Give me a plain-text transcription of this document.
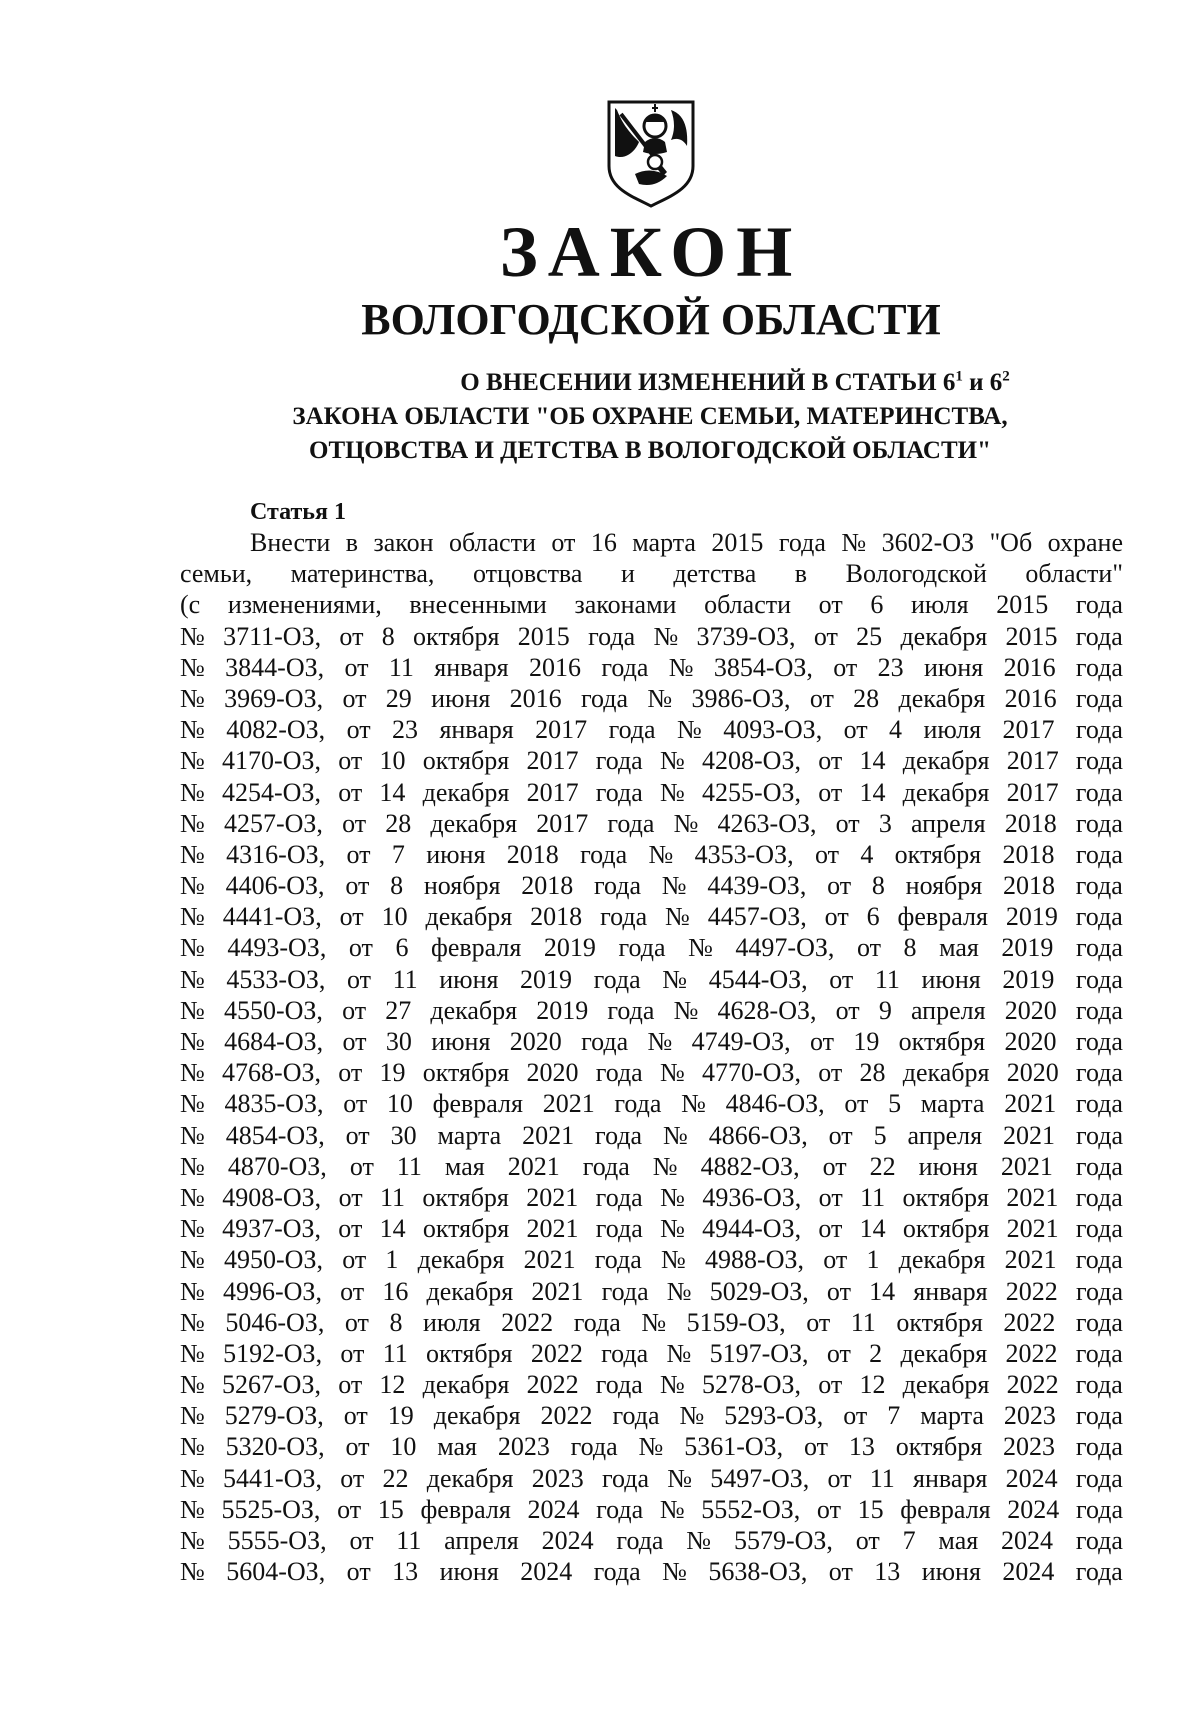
ЗАКОН
ВОЛОГОДСКОЙ ОБЛАСТИ
О ВНЕСЕНИИ ИЗМЕНЕНИЙ В СТАТЬИ $6^1$ и $6^2$
ЗАКОНА ОБЛАСТИ "ОБ ОХРАНЕ СЕМЬИ, МАТЕРИНСТВА,
ОТЦОВСТВА И ДЕТСТВА В ВОЛОГОДСКОЙ ОБЛАСТИ"
Статья 1
Внести в закон области от 16 марта 2015 года № 3602-ОЗ "Об охране
семьи, материнства, отцовства и детства в Вологодской области"
(с изменениями, внесенными законами области от 6 июля 2015 года
№ 3711-ОЗ, от 8 октября 2015 года № 3739-ОЗ, от 25 декабря 2015 года
№ 3844-ОЗ, от 11 января 2016 года № 3854-ОЗ, от 23 июня 2016 года
№ 3969-ОЗ, от 29 июня 2016 года № 3986-ОЗ, от 28 декабря 2016 года
№ 4082-ОЗ, от 23 января 2017 года № 4093-ОЗ, от 4 июля 2017 года
№ 4170-ОЗ, от 10 октября 2017 года № 4208-ОЗ, от 14 декабря 2017 года
№ 4254-ОЗ, от 14 декабря 2017 года № 4255-ОЗ, от 14 декабря 2017 года
№ 4257-ОЗ, от 28 декабря 2017 года № 4263-ОЗ, от 3 апреля 2018 года
№ 4316-ОЗ, от 7 июня 2018 года № 4353-ОЗ, от 4 октября 2018 года
№ 4406-ОЗ, от 8 ноября 2018 года № 4439-ОЗ, от 8 ноября 2018 года
№ 4441-ОЗ, от 10 декабря 2018 года № 4457-ОЗ, от 6 февраля 2019 года
№ 4493-ОЗ, от 6 февраля 2019 года № 4497-ОЗ, от 8 мая 2019 года
№ 4533-ОЗ, от 11 июня 2019 года № 4544-ОЗ, от 11 июня 2019 года
№ 4550-ОЗ, от 27 декабря 2019 года № 4628-ОЗ, от 9 апреля 2020 года
№ 4684-ОЗ, от 30 июня 2020 года № 4749-ОЗ, от 19 октября 2020 года
№ 4768-ОЗ, от 19 октября 2020 года № 4770-ОЗ, от 28 декабря 2020 года
№ 4835-ОЗ, от 10 февраля 2021 года № 4846-ОЗ, от 5 марта 2021 года
№ 4854-ОЗ, от 30 марта 2021 года № 4866-ОЗ, от 5 апреля 2021 года
№ 4870-ОЗ, от 11 мая 2021 года № 4882-ОЗ, от 22 июня 2021 года
№ 4908-ОЗ, от 11 октября 2021 года № 4936-ОЗ, от 11 октября 2021 года
№ 4937-ОЗ, от 14 октября 2021 года № 4944-ОЗ, от 14 октября 2021 года
№ 4950-ОЗ, от 1 декабря 2021 года № 4988-ОЗ, от 1 декабря 2021 года
№ 4996-ОЗ, от 16 декабря 2021 года № 5029-ОЗ, от 14 января 2022 года
№ 5046-ОЗ, от 8 июля 2022 года № 5159-ОЗ, от 11 октября 2022 года
№ 5192-ОЗ, от 11 октября 2022 года № 5197-ОЗ, от 2 декабря 2022 года
№ 5267-ОЗ, от 12 декабря 2022 года № 5278-ОЗ, от 12 декабря 2022 года
№ 5279-ОЗ, от 19 декабря 2022 года № 5293-ОЗ, от 7 марта 2023 года
№ 5320-ОЗ, от 10 мая 2023 года № 5361-ОЗ, от 13 октября 2023 года
№ 5441-ОЗ, от 22 декабря 2023 года № 5497-ОЗ, от 11 января 2024 года
№ 5525-ОЗ, от 15 февраля 2024 года № 5552-ОЗ, от 15 февраля 2024 года
№ 5555-ОЗ, от 11 апреля 2024 года № 5579-ОЗ, от 7 мая 2024 года
№ 5604-ОЗ, от 13 июня 2024 года № 5638-ОЗ, от 13 июня 2024 года
